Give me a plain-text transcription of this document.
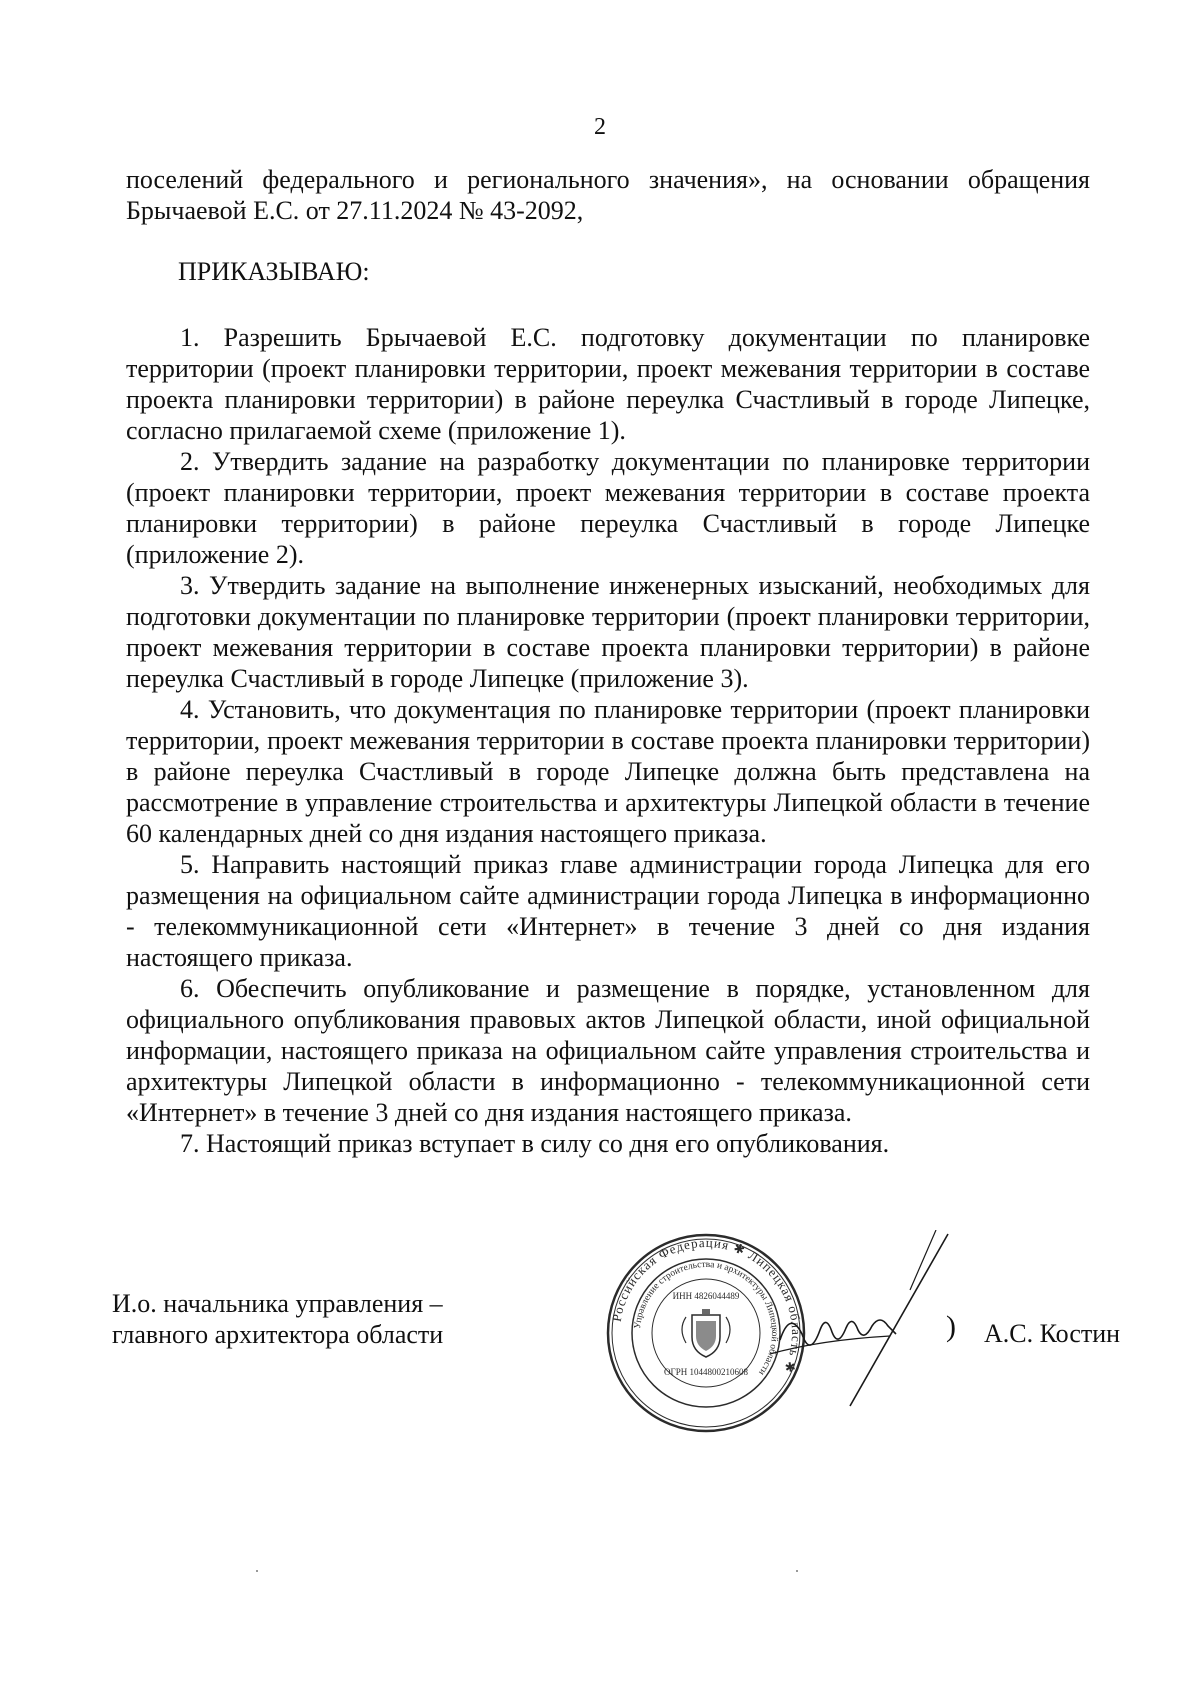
2

поселений федерального и регионального значения», на основании обращения Брычаевой Е.С. от 27.11.2024 № 43-2092,

ПРИКАЗЫВАЮ:

1. Разрешить Брычаевой Е.С. подготовку документации по планировке территории (проект планировки территории, проект межевания территории в составе проекта планировки территории) в районе переулка Счастливый в городе Липецке, согласно прилагаемой схеме (приложение 1).

2. Утвердить задание на разработку документации по планировке территории (проект планировки территории, проект межевания территории в составе проекта планировки территории) в районе переулка Счастливый в городе Липецке (приложение 2).

3. Утвердить задание на выполнение инженерных изысканий, необходимых для подготовки документации по планировке территории (проект планировки территории, проект межевания территории в составе проекта планировки территории) в районе переулка Счастливый в городе Липецке (приложение 3).

4. Установить, что документация по планировке территории (проект планировки территории, проект межевания территории в составе проекта планировки территории) в районе переулка Счастливый в городе Липецке должна быть представлена на рассмотрение в управление строительства и архитектуры Липецкой области в течение 60 календарных дней со дня издания настоящего приказа.

5. Направить настоящий приказ главе администрации города Липецка для его размещения на официальном сайте администрации города Липецка в информационно - телекоммуникационной сети «Интернет» в течение 3 дней со дня издания настоящего приказа.

6. Обеспечить опубликование и размещение в порядке, установленном для официального опубликования правовых актов Липецкой области, иной официальной информации, настоящего приказа на официальном сайте управления строительства и архитектуры Липецкой области в информационно - телекоммуникационной сети «Интернет» в течение 3 дней со дня издания настоящего приказа.

7. Настоящий приказ вступает в силу со дня его опубликования.

И.о. начальника управления –
главного архитектора области
Российская Федерация ✱ Липецкая область ✱
Управление строительства и архитектуры Липецкой области
ИНН 4826044489
ОГРН 1044800210608
) А.С. Костин
